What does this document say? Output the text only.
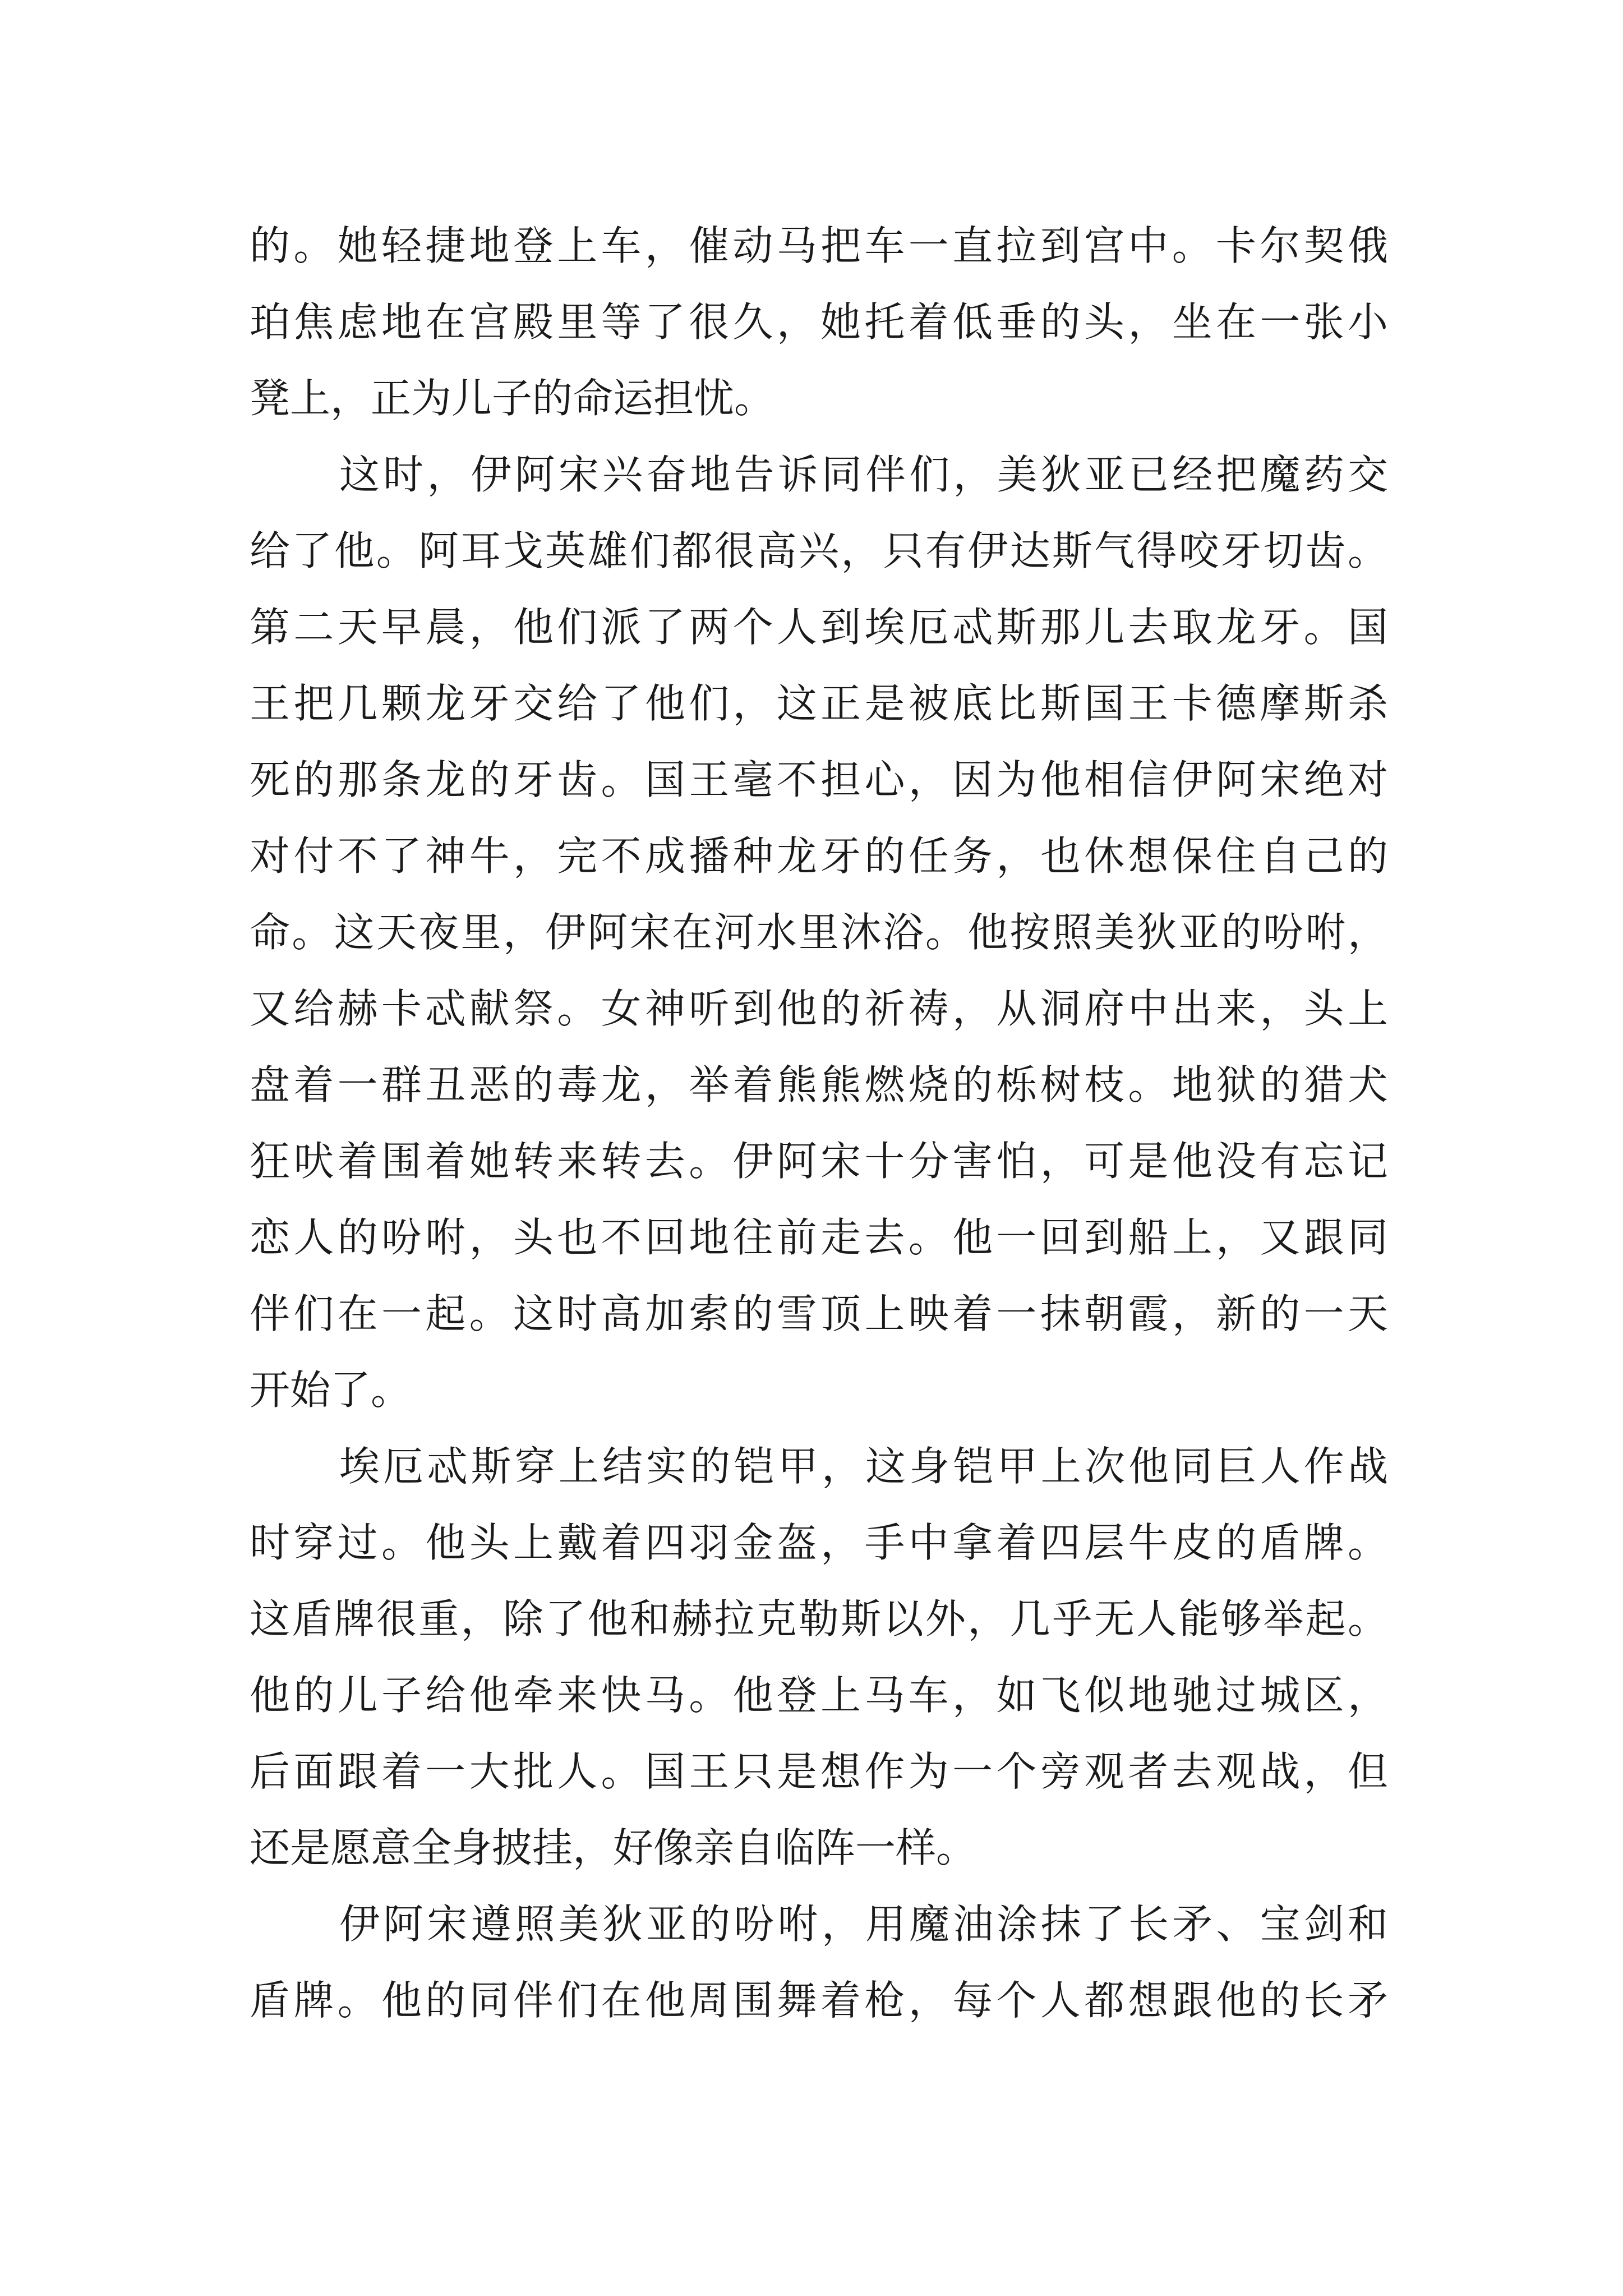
的。她轻捷地登上车，催动马把车一直拉到宫中。卡尔契俄
珀焦虑地在宫殿里等了很久，她托着低垂的头，坐在一张小
凳上，正为儿子的命运担忧。
这时，伊阿宋兴奋地告诉同伴们，美狄亚已经把魔药交
给了他。阿耳戈英雄们都很高兴，只有伊达斯气得咬牙切齿。
第二天早晨，他们派了两个人到埃厄忒斯那儿去取龙牙。国
王把几颗龙牙交给了他们，这正是被底比斯国王卡德摩斯杀
死的那条龙的牙齿。国王毫不担心，因为他相信伊阿宋绝对
对付不了神牛，完不成播种龙牙的任务，也休想保住自己的
命。这天夜里，伊阿宋在河水里沐浴。他按照美狄亚的吩咐，
又给赫卡忒献祭。女神听到他的祈祷，从洞府中出来，头上
盘着一群丑恶的毒龙，举着熊熊燃烧的栎树枝。地狱的猎犬
狂吠着围着她转来转去。伊阿宋十分害怕，可是他没有忘记
恋人的吩咐，头也不回地往前走去。他一回到船上，又跟同
伴们在一起。这时高加索的雪顶上映着一抹朝霞，新的一天
开始了。
埃厄忒斯穿上结实的铠甲，这身铠甲上次他同巨人作战
时穿过。他头上戴着四羽金盔，手中拿着四层牛皮的盾牌。
这盾牌很重，除了他和赫拉克勒斯以外，几乎无人能够举起。
他的儿子给他牵来快马。他登上马车，如飞似地驰过城区，
后面跟着一大批人。国王只是想作为一个旁观者去观战，但
还是愿意全身披挂，好像亲自临阵一样。
伊阿宋遵照美狄亚的吩咐，用魔油涂抹了长矛、宝剑和
盾牌。他的同伴们在他周围舞着枪，每个人都想跟他的长矛
